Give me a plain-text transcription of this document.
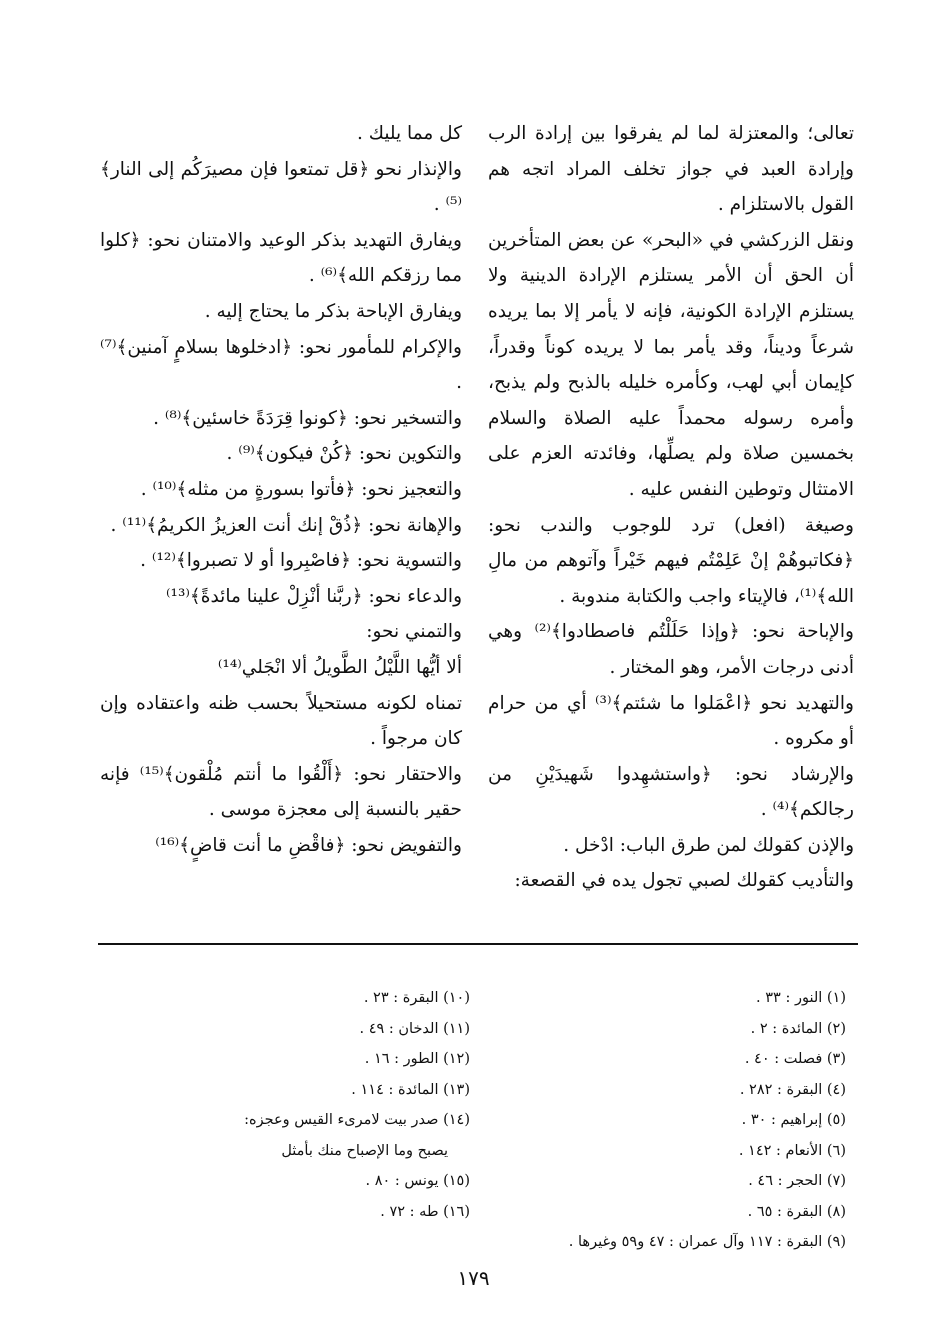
تعالى؛ والمعتزلة لما لم يفرقوا بين إرادة الرب وإرادة العبد في جواز تخلف المراد اتجه هم القول بالاستلزام .

ونقل الزركشي في «البحر» عن بعض المتأخرين أن الحق أن الأمر يستلزم الإرادة الدينية ولا يستلزم الإرادة الكونية، فإنه لا يأمر إلا بما يريده شرعاً وديناً، وقد يأمر بما لا يريده كوناً وقدراً، كإيمان أبي لهب، وكأمره خليله بالذبح ولم يذبح، وأمره رسوله محمداً عليه الصلاة والسلام بخمسين صلاة ولم يصلِّها، وفائدته العزم على الامتثال وتوطين النفس عليه .

وصيغة (افعل) ترد للوجوب والندب نحو: ﴿فكاتبوهُمْ إنْ عَلِمْتُم فيهم خَيْراً وآتوهم من مالِ الله﴾⁽¹⁾، فالإيتاء واجب والكتابة مندوبة .

والإباحة نحو: ﴿وإذا حَلَلْتُم فاصطادوا﴾⁽²⁾ وهي أدنى درجات الأمر، وهو المختار .

والتهديد نحو ﴿اعْمَلوا ما شئتم﴾⁽³⁾ أي من حرام أو مكروه .

والإرشاد نحو: ﴿واستشهِدوا شَهيدَيْنِ من رجالكم﴾⁽⁴⁾ .

والإذن كقولك لمن طرق الباب: ادْخل .

والتأديب كقولك لصبي تجول يده في القصعة:

كل مما يليك .

والإنذار نحو ﴿قل تمتعوا فإن مصيرَكُم إلى النار﴾⁽⁵⁾ .

ويفارق التهديد بذكر الوعيد والامتنان نحو: ﴿كلوا مما رزقكم الله﴾⁽⁶⁾ .

ويفارق الإباحة بذكر ما يحتاج إليه .

والإكرام للمأمور نحو: ﴿ادخلوها بسلامٍ آمنين﴾⁽⁷⁾ .

والتسخير نحو: ﴿كونوا قِرَدَةً خاسئين﴾⁽⁸⁾ .

والتكوين نحو: ﴿كُنْ فيكون﴾⁽⁹⁾ .

والتعجيز نحو: ﴿فأتوا بسورةٍ من مثله﴾⁽¹⁰⁾ .

والإهانة نحو: ﴿ذُقْ إنك أنت العزيزُ الكريمُ﴾⁽¹¹⁾ .

والتسوية نحو: ﴿فاصْبِروا أو لا تصبروا﴾⁽¹²⁾ .

والدعاء نحو: ﴿ربَّنا أنْزِلْ علينا مائدةً﴾⁽¹³⁾

والتمني نحو:

ألا أيُّها اللَّيْلُ الطَّويلُ ألا انْجَلي⁽¹⁴⁾

تمناه لكونه مستحيلاً بحسب ظنه واعتقاده وإن كان مرجواً .

والاحتقار نحو: ﴿أَلْقُوا ما أنتم مُلْقون﴾⁽¹⁵⁾ فإنه حقير بالنسبة إلى معجزة موسى .

والتفويض نحو: ﴿فاقْضِ ما أنت قاضٍ﴾⁽¹⁶⁾

(١) النور : ٣٣ .

(٢) المائدة : ٢ .

(٣) فصلت : ٤٠ .

(٤) البقرة : ٢٨٢ .

(٥) إبراهيم : ٣٠ .

(٦) الأنعام : ١٤٢ .

(٧) الحجر : ٤٦ .

(٨) البقرة : ٦٥ .

(٩) البقرة : ١١٧ وآل عمران : ٤٧ و٥٩ وغيرها .

(١٠) البقرة : ٢٣ .

(١١) الدخان : ٤٩ .

(١٢) الطور : ١٦ .

(١٣) المائدة : ١١٤ .

(١٤) صدر بيت لامرىء القيس وعجزه:

يصبح وما الإصباح منك بأمثل

(١٥) يونس : ٨٠ .

(١٦) طه : ٧٢ .

١٧٩
